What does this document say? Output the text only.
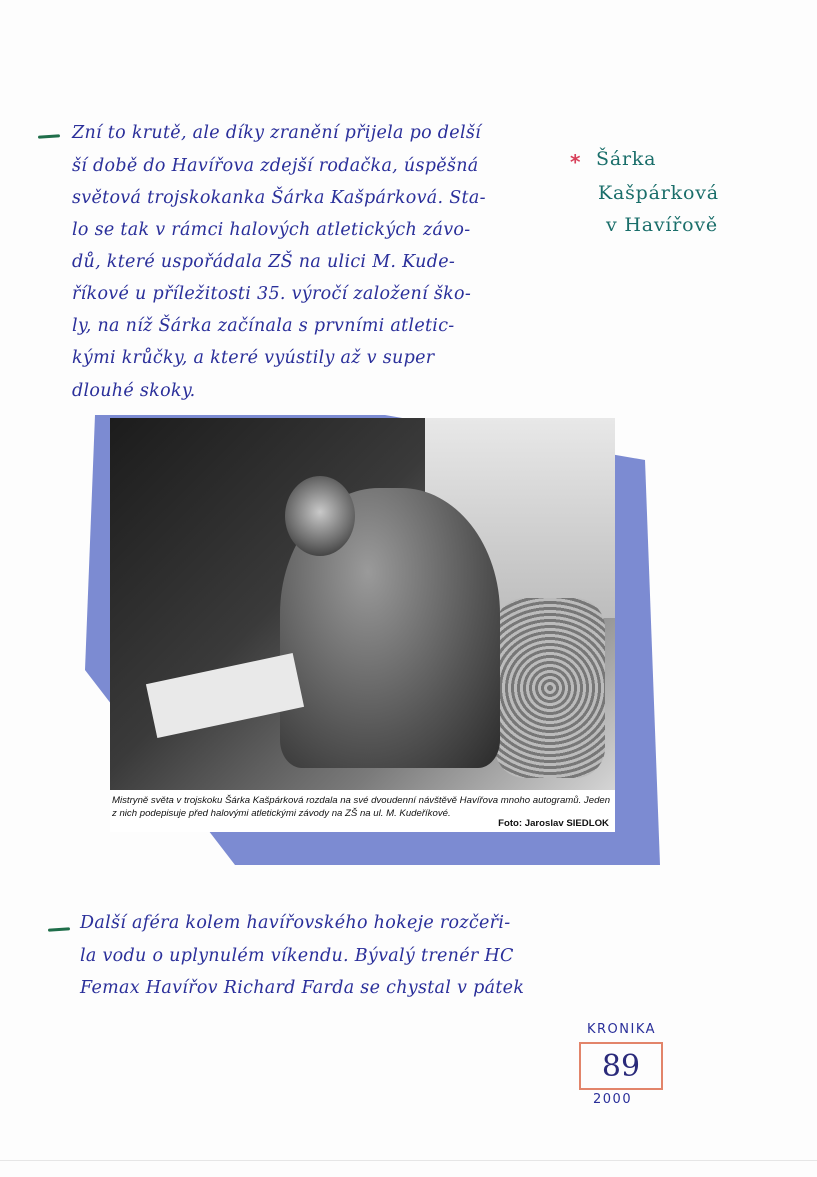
Zní to krutě, ale díky zranění přijela po delší
ší době do Havířova zdejší rodačka, úspěšná
světová trojskokanka Šárka Kašpárková. Sta-
lo se tak v rámci halových atletických závo-
dů, které uspořádala ZŠ na ulici M. Kude-
říkové u příležitosti 35. výročí založení ško-
ly, na níž Šárka začínala s prvními atletic-
kými krůčky, a které vyústily až v super
dlouhé skoky.
* Šárka
Kašpárková
v Havířově
Mistryně světa v trojskoku Šárka Kašpárková rozdala na své dvoudenní návštěvě Havířova mnoho autogramů. Jeden z nich podepisuje před halovými atletickými závody na ZŠ na ul. M. Kudeříkové.
Foto: Jaroslav SIEDLOK
Další aféra kolem havířovského hokeje rozčeři-
la vodu o uplynulém víkendu. Bývalý trenér HC
Femax Havířov Richard Farda se chystal v pátek
KRONIKA
89
2000
